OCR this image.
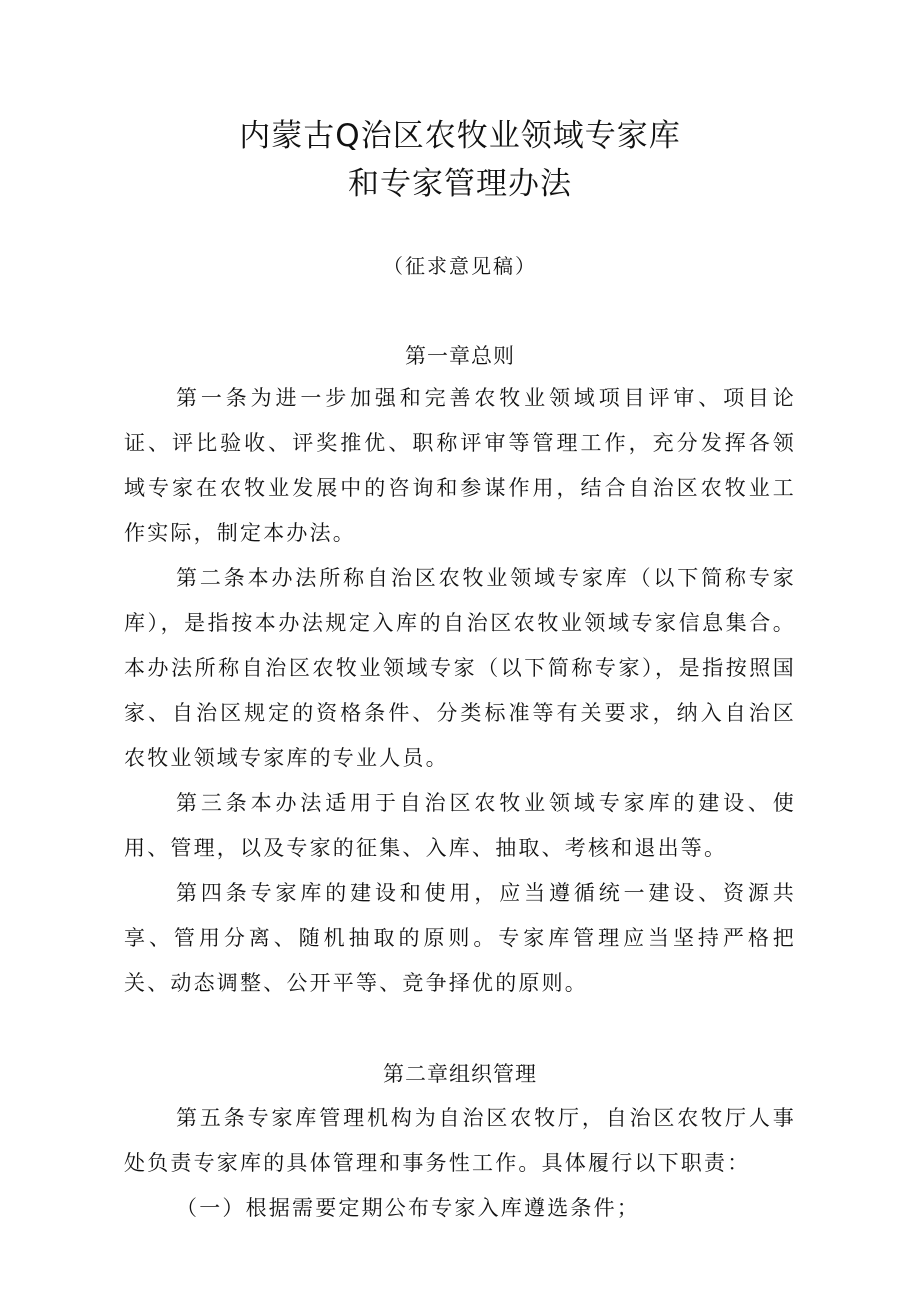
内蒙古Q治区农牧业领域专家库
和专家管理办法
（征求意见稿）
第一章总则

第一条为进一步加强和完善农牧业领域项目评审、项目论证、评比验收、评奖推优、职称评审等管理工作，充分发挥各领域专家在农牧业发展中的咨询和参谋作用，结合自治区农牧业工作实际，制定本办法。

第二条本办法所称自治区农牧业领域专家库（以下简称专家库），是指按本办法规定入库的自治区农牧业领域专家信息集合。本办法所称自治区农牧业领域专家（以下简称专家），是指按照国家、自治区规定的资格条件、分类标准等有关要求，纳入自治区农牧业领域专家库的专业人员。

第三条本办法适用于自治区农牧业领域专家库的建设、使用、管理，以及专家的征集、入库、抽取、考核和退出等。

第四条专家库的建设和使用，应当遵循统一建设、资源共享、管用分离、随机抽取的原则。专家库管理应当坚持严格把关、动态调整、公开平等、竞争择优的原则。

第二章组织管理

第五条专家库管理机构为自治区农牧厅，自治区农牧厅人事处负责专家库的具体管理和事务性工作。具体履行以下职责：

（一）根据需要定期公布专家入库遵选条件；
